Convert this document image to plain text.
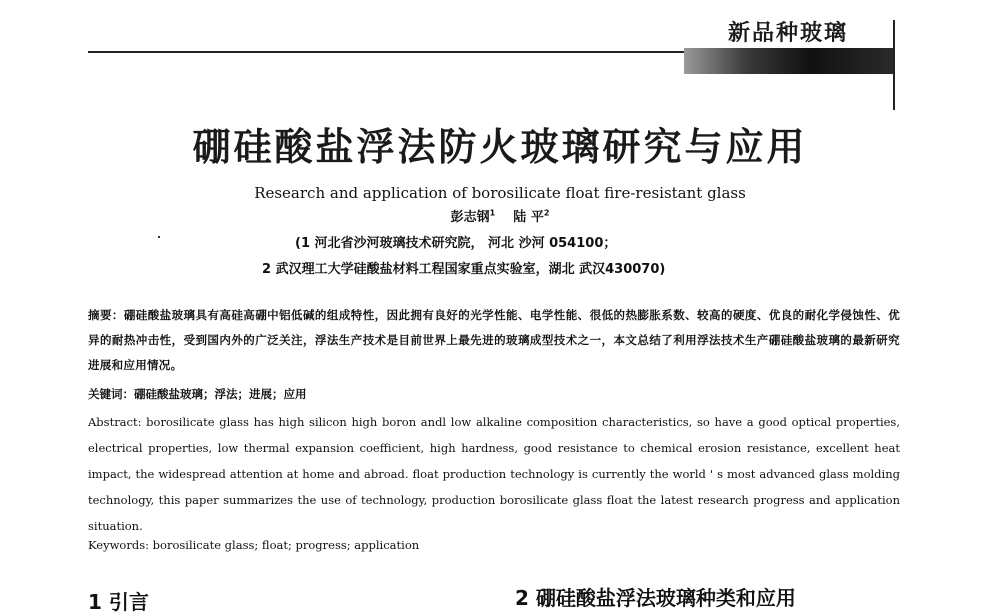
新品种玻璃
硼硅酸盐浮法防火玻璃研究与应用
Research and application of borosilicate float fire-resistant glass
彭志钢$^1$ 陆 平$^2$
(1 河北省沙河玻璃技术研究院， 河北 沙河 054100；
2 武汉理工大学硅酸盐材料工程国家重点实验室，湖北 武汉430070)
摘要：硼硅酸盐玻璃具有高硅高硼中铝低碱的组成特性，因此拥有良好的光学性能、电学性能、很低的热膨胀系数、较高的硬度、优良的耐化学侵蚀性、优异的耐热冲击性，受到国内外的广泛关注，浮法生产技术是目前世界上最先进的玻璃成型技术之一，本文总结了利用浮法技术生产硼硅酸盐玻璃的最新研究进展和应用情况。
关键词：硼硅酸盐玻璃；浮法；进展；应用
Abstract: borosilicate glass has high silicon high boron andl low alkaline composition characteristics, so have a good optical properties, electrical properties, low thermal expansion coefficient, high hardness, good resistance to chemical erosion resistance, excellent heat impact, the widespread attention at home and abroad. float production technology is currently the world ' s most advanced glass molding technology, this paper summarizes the use of technology, production borosilicate glass float the latest research progress and application situation.
Keywords: borosilicate glass; float; progress; application
1 引言	2 硼硅酸盐浮法玻璃种类和应用
